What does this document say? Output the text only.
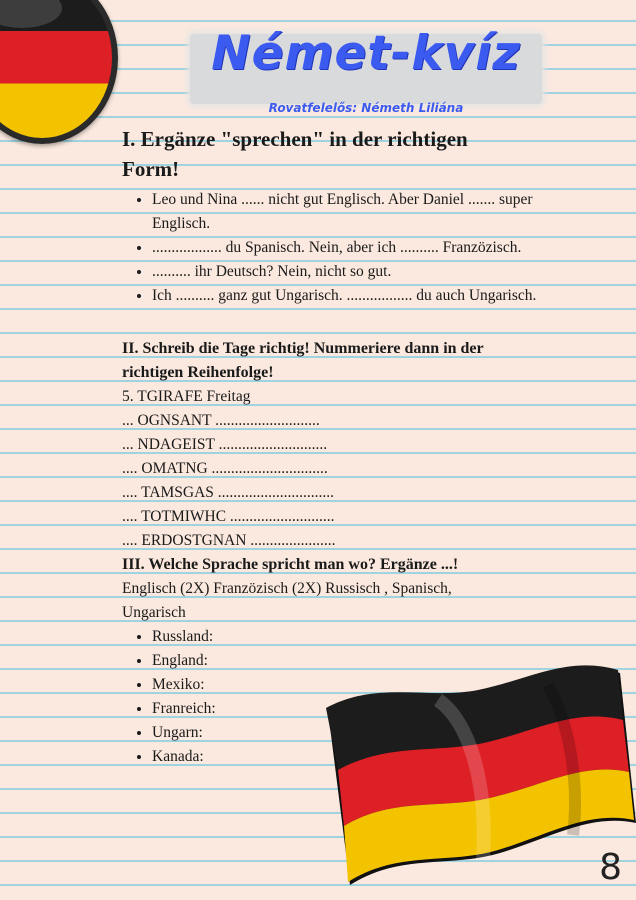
Német-kvíz
Rovatfelelős: Németh Liliána

I. Ergänze "sprechen" in der richtigen
Form!

• Leo und Nina ...... nicht gut Englisch. Aber Daniel ....... super Englisch.
• .................. du Spanisch. Nein, aber ich .......... Franzözisch.
• .......... ihr Deutsch? Nein, nicht so gut.
• Ich .......... ganz gut Ungarisch. ................. du auch Ungarisch.

II. Schreib die Tage richtig! Nummeriere dann in der
richtigen Reihenfolge!

5. TGIRAFE Freitag

... OGNSANT ...........................

... NDAGEIST ............................

.... OMATNG ..............................

.... TAMSGAS ..............................

.... TOTMIWHC ...........................

.... ERDOSTGNAN ......................

III. Welche Sprache spricht man wo? Ergänze ...!

Englisch (2X) Franzözisch (2X) Russisch , Spanisch,
Ungarisch

• Russland:
• England:
• Mexiko:
• Franreich:
• Ungarn:
• Kanada:
8
